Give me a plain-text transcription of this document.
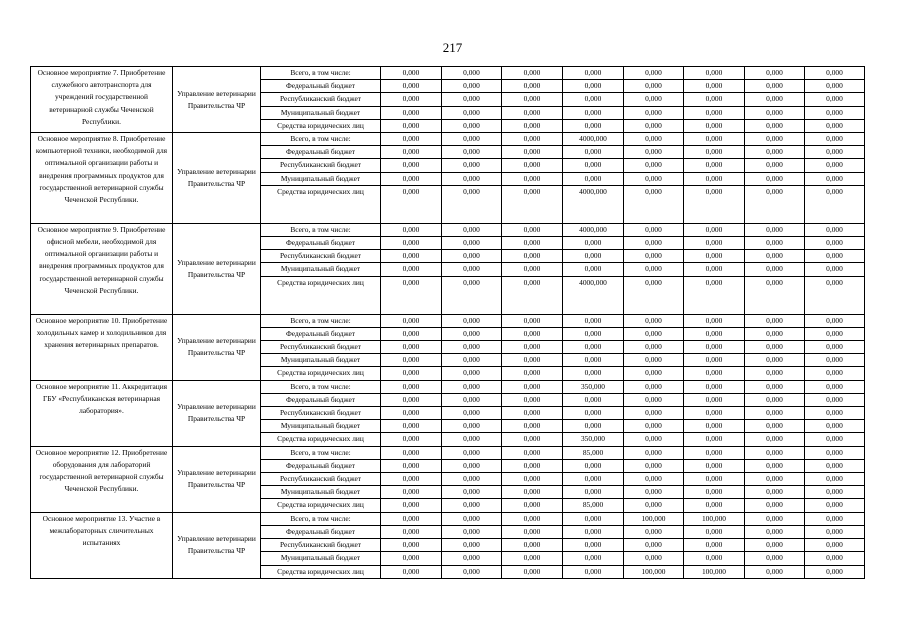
217
Основное мероприятие 7. Приобретение служебного автотранспорта для учреждений государственной ветеринарной службы Чеченской Республики.	Управление ветеринарии Правительства ЧР	Всего, в том числе:	0,000	0,000	0,000	0,000	0,000	0,000	0,000	0,000
		Федеральный бюджет	0,000	0,000	0,000	0,000	0,000	0,000	0,000	0,000
		Республиканский бюджет	0,000	0,000	0,000	0,000	0,000	0,000	0,000	0,000
		Муниципальный бюджет	0,000	0,000	0,000	0,000	0,000	0,000	0,000	0,000
		Средства юридических лиц	0,000	0,000	0,000	0,000	0,000	0,000	0,000	0,000
Основное мероприятие 8. Приобретение компьютерной техники, необходимой для оптимальной организации работы и внедрения программных продуктов для государственной ветеринарной службы Чеченской Республики.	Управление ветеринарии Правительства ЧР	Всего, в том числе:	0,000	0,000	0,000	4000,000	0,000	0,000	0,000	0,000
		Федеральный бюджет	0,000	0,000	0,000	0,000	0,000	0,000	0,000	0,000
		Республиканский бюджет	0,000	0,000	0,000	0,000	0,000	0,000	0,000	0,000
		Муниципальный бюджет	0,000	0,000	0,000	0,000	0,000	0,000	0,000	0,000
		Средства юридических лиц	0,000	0,000	0,000	4000,000	0,000	0,000	0,000	0,000
Основное мероприятие 9. Приобретение офисной мебели, необходимой для оптимальной организации работы и внедрения программных продуктов для государственной ветеринарной службы Чеченской Республики.	Управление ветеринарии Правительства ЧР	Всего, в том числе:	0,000	0,000	0,000	4000,000	0,000	0,000	0,000	0,000
		Федеральный бюджет	0,000	0,000	0,000	0,000	0,000	0,000	0,000	0,000
		Республиканский бюджет	0,000	0,000	0,000	0,000	0,000	0,000	0,000	0,000
		Муниципальный бюджет	0,000	0,000	0,000	0,000	0,000	0,000	0,000	0,000
		Средства юридических лиц	0,000	0,000	0,000	4000,000	0,000	0,000	0,000	0,000
Основное мероприятие 10. Приобретение холодильных камер и холодильников для хранения ветеринарных препаратов.	Управление ветеринарии Правительства ЧР	Всего, в том числе:	0,000	0,000	0,000	0,000	0,000	0,000	0,000	0,000
		Федеральный бюджет	0,000	0,000	0,000	0,000	0,000	0,000	0,000	0,000
		Республиканский бюджет	0,000	0,000	0,000	0,000	0,000	0,000	0,000	0,000
		Муниципальный бюджет	0,000	0,000	0,000	0,000	0,000	0,000	0,000	0,000
		Средства юридических лиц	0,000	0,000	0,000	0,000	0,000	0,000	0,000	0,000
Основное мероприятие 11. Аккредитация ГБУ «Республиканская ветеринарная лаборатория».	Управление ветеринарии Правительства ЧР	Всего, в том числе:	0,000	0,000	0,000	350,000	0,000	0,000	0,000	0,000
		Федеральный бюджет	0,000	0,000	0,000	0,000	0,000	0,000	0,000	0,000
		Республиканский бюджет	0,000	0,000	0,000	0,000	0,000	0,000	0,000	0,000
		Муниципальный бюджет	0,000	0,000	0,000	0,000	0,000	0,000	0,000	0,000
		Средства юридических лиц	0,000	0,000	0,000	350,000	0,000	0,000	0,000	0,000
Основное мероприятие 12. Приобретение оборудования для лабораторий государственной ветеринарной службы Чеченской Республики.	Управление ветеринарии Правительства ЧР	Всего, в том числе:	0,000	0,000	0,000	85,000	0,000	0,000	0,000	0,000
		Федеральный бюджет	0,000	0,000	0,000	0,000	0,000	0,000	0,000	0,000
		Республиканский бюджет	0,000	0,000	0,000	0,000	0,000	0,000	0,000	0,000
		Муниципальный бюджет	0,000	0,000	0,000	0,000	0,000	0,000	0,000	0,000
		Средства юридических лиц	0,000	0,000	0,000	85,000	0,000	0,000	0,000	0,000
Основное мероприятие 13. Участие в межлабораторных сличительных испытаниях	Управление ветеринарии Правительства ЧР	Всего, в том числе:	0,000	0,000	0,000	0,000	100,000	100,000	0,000	0,000
		Федеральный бюджет	0,000	0,000	0,000	0,000	0,000	0,000	0,000	0,000
		Республиканский бюджет	0,000	0,000	0,000	0,000	0,000	0,000	0,000	0,000
		Муниципальный бюджет	0,000	0,000	0,000	0,000	0,000	0,000	0,000	0,000
		Средства юридических лиц	0,000	0,000	0,000	0,000	100,000	100,000	0,000	0,000
